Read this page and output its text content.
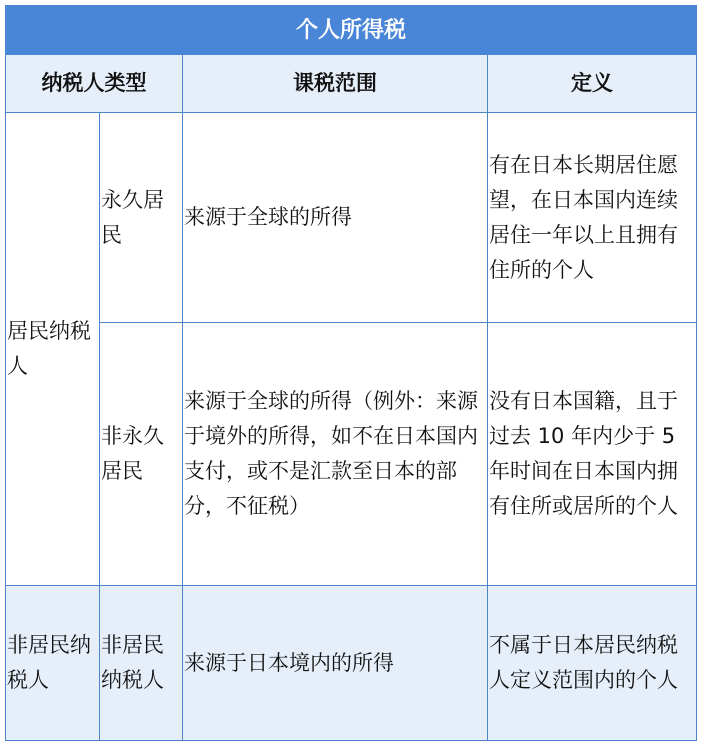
个人所得税			
纳税人类型		课税范围	定义
居民纳税人	永久居民	来源于全球的所得	有在日本长期居住愿望，在日本国内连续居住一年以上且拥有住所的个人
	非永久居民	来源于全球的所得（例外：来源于境外的所得，如不在日本国内支付，或不是汇款至日本的部分，不征税）	没有日本国籍，且于过去 10 年内少于 5 年时间在日本国内拥有住所或居所的个人
非居民纳税人	非居民纳税人	来源于日本境内的所得	不属于日本居民纳税人定义范围内的个人
